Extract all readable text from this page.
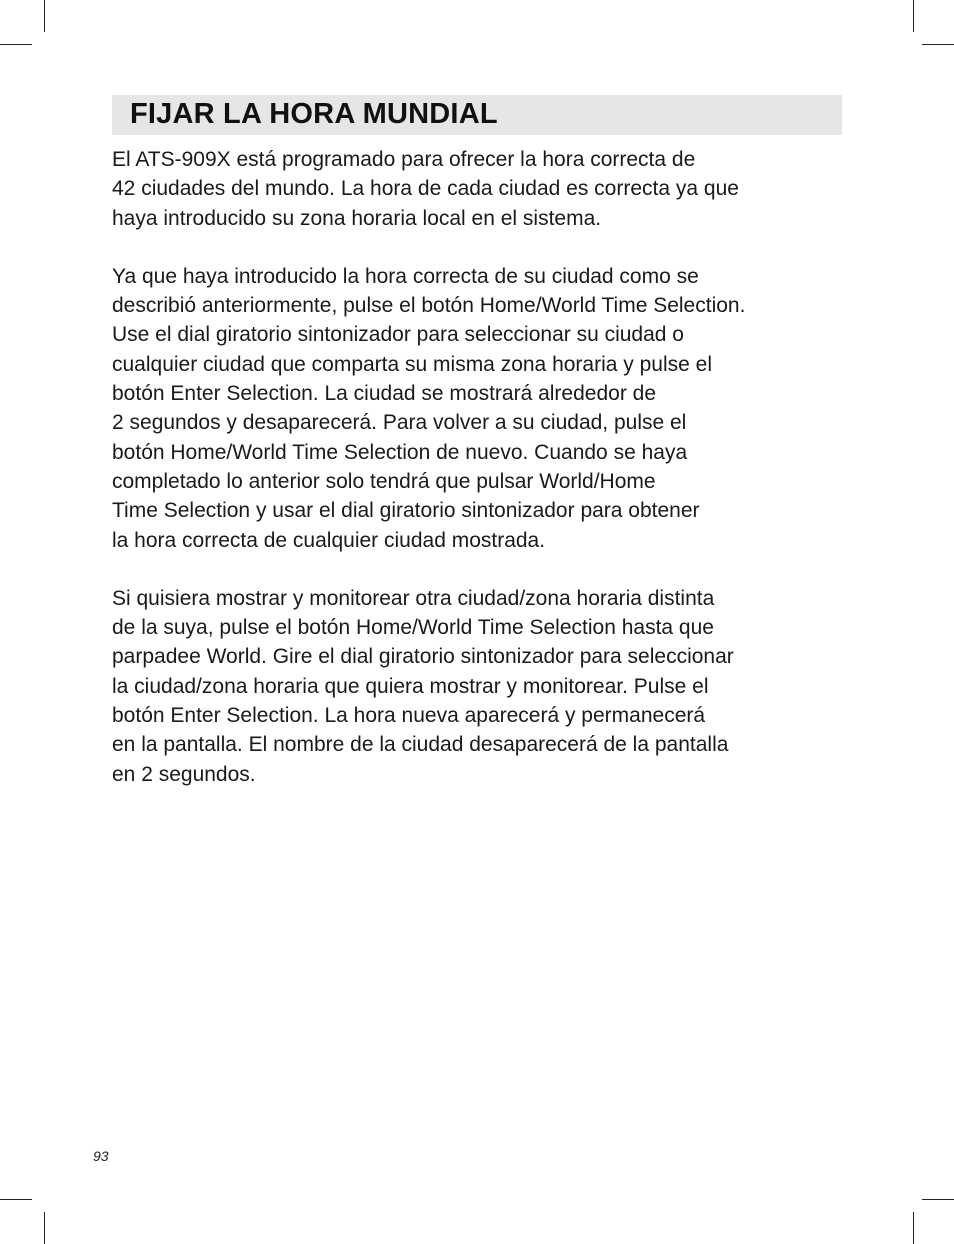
FIJAR LA HORA MUNDIAL

El ATS-909X está programado para ofrecer la hora correcta de
42 ciudades del mundo. La hora de cada ciudad es correcta ya que
haya introducido su zona horaria local en el sistema.

Ya que haya introducido la hora correcta de su ciudad como se
describió anteriormente, pulse el botón Home/World Time Selection.
Use el dial giratorio sintonizador para seleccionar su ciudad o
cualquier ciudad que comparta su misma zona horaria y pulse el
botón Enter Selection. La ciudad se mostrará alrededor de
2 segundos y desaparecerá. Para volver a su ciudad, pulse el
botón Home/World Time Selection de nuevo. Cuando se haya
completado lo anterior solo tendrá que pulsar World/Home
Time Selection y usar el dial giratorio sintonizador para obtener
la hora correcta de cualquier ciudad mostrada.

Si quisiera mostrar y monitorear otra ciudad/zona horaria distinta
de la suya, pulse el botón Home/World Time Selection hasta que
parpadee World. Gire el dial giratorio sintonizador para seleccionar
la ciudad/zona horaria que quiera mostrar y monitorear. Pulse el
botón Enter Selection. La hora nueva aparecerá y permanecerá
en la pantalla. El nombre de la ciudad desaparecerá de la pantalla
en 2 segundos.

93
